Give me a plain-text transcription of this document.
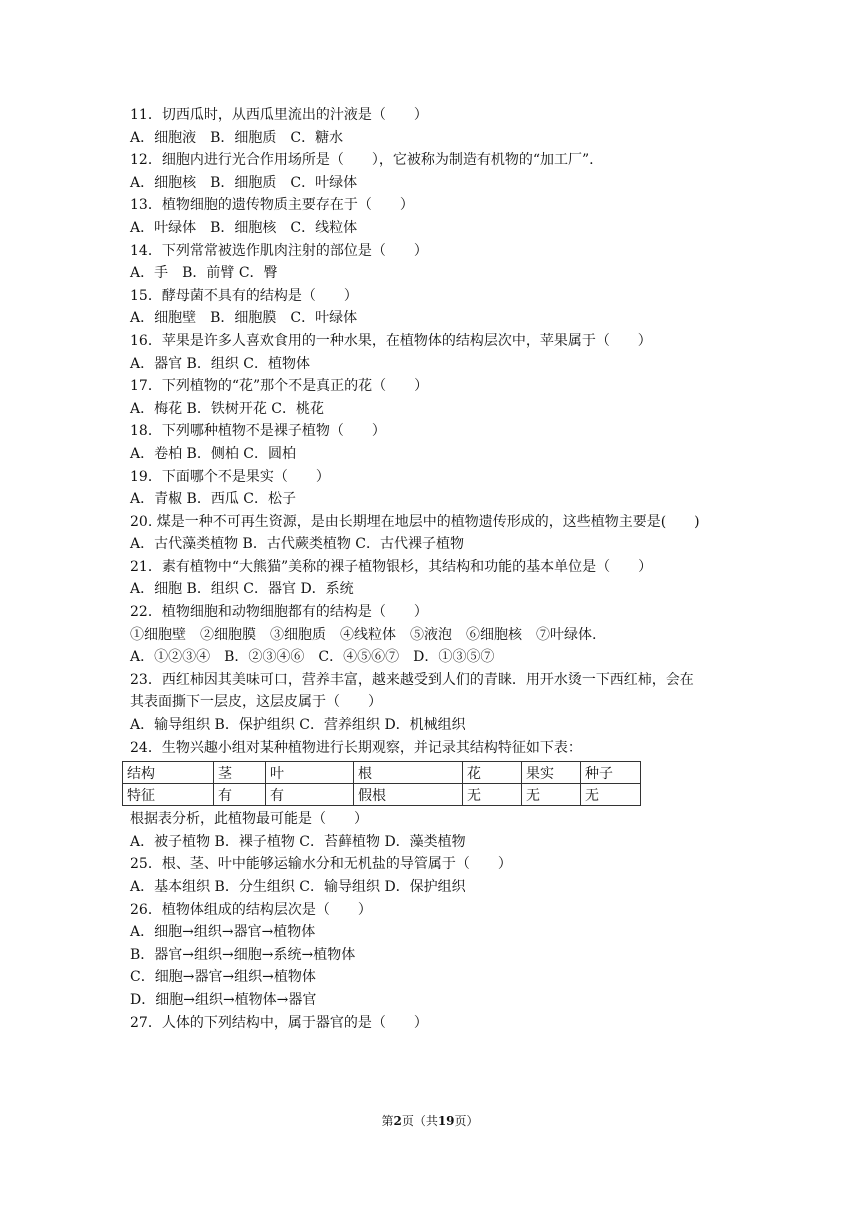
11．切西瓜时，从西瓜里流出的汁液是（　　）
A．细胞液　B．细胞质　C．糖水
12．细胞内进行光合作用场所是（　　），它被称为制造有机物的“加工厂”.
A．细胞核　B．细胞质　C．叶绿体
13．植物细胞的遗传物质主要存在于（　　）
A．叶绿体　B．细胞核　C．线粒体
14．下列常常被选作肌肉注射的部位是（　　）
A．手　B．前臂 C．臀
15．酵母菌不具有的结构是（　　）
A．细胞壁　B．细胞膜　C．叶绿体
16．苹果是许多人喜欢食用的一种水果，在植物体的结构层次中，苹果属于（　　）
A．器官 B．组织 C．植物体
17．下列植物的“花”那个不是真正的花（　　）
A．梅花 B．铁树开花 C．桃花
18．下列哪种植物不是裸子植物（　　）
A．卷柏 B．侧柏 C．圆柏
19．下面哪个不是果实（　　）
A．青椒 B．西瓜 C．松子
20. 煤是一种不可再生资源，是由长期埋在地层中的植物遗传形成的，这些植物主要是(　　)
A．古代藻类植物 B．古代蕨类植物 C．古代裸子植物
21．素有植物中“大熊猫”美称的裸子植物银杉，其结构和功能的基本单位是（　　）
A．细胞 B．组织 C．器官 D．系统
22．植物细胞和动物细胞都有的结构是（　　）
①细胞壁　②细胞膜　③细胞质　④线粒体　⑤液泡　⑥细胞核　⑦叶绿体.
A．①②③④　B．②③④⑥　C．④⑤⑥⑦　D．①③⑤⑦
23．西红柿因其美味可口，营养丰富，越来越受到人们的青睐．用开水烫一下西红柿，会在
其表面撕下一层皮，这层皮属于（　　）
A．输导组织 B．保护组织 C．营养组织 D．机械组织
24．生物兴趣小组对某种植物进行长期观察，并记录其结构特征如下表：
结构	茎	叶	根	花	果实	种子
特征	有	有	假根	无	无	无
根据表分析，此植物最可能是（　　）
A．被子植物 B．裸子植物 C．苔藓植物 D．藻类植物
25．根、茎、叶中能够运输水分和无机盐的导管属于（　　）
A．基本组织 B．分生组织 C．输导组织 D．保护组织
26．植物体组成的结构层次是（　　）
A．细胞→组织→器官→植物体
B．器官→组织→细胞→系统→植物体
C．细胞→器官→组织→植物体
D．细胞→组织→植物体→器官
27．人体的下列结构中，属于器官的是（　　）
第2页（共19页）
